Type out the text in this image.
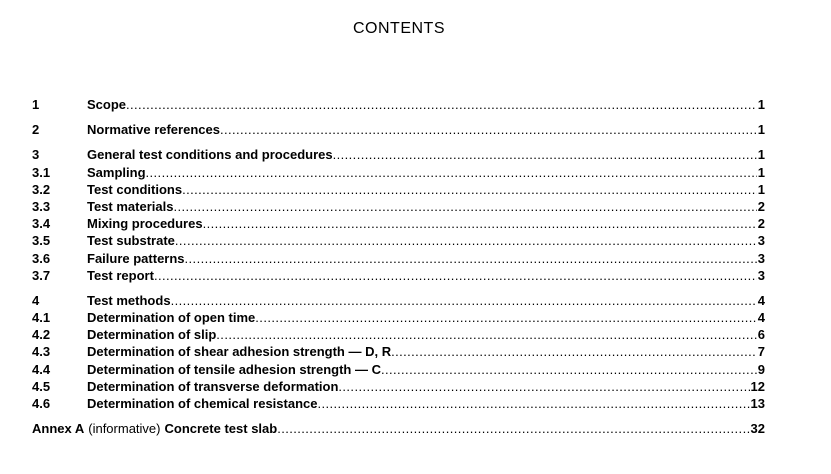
CONTENTS
1	Scope .....	1
2	Normative references .....	1
3	General test conditions and procedures .....	1
3.1	Sampling .....	1
3.2	Test conditions .....	1
3.3	Test materials .....	2
3.4	Mixing procedures .....	2
3.5	Test substrate .....	3
3.6	Failure patterns .....	3
3.7	Test report .....	3
4	Test methods .....	4
4.1	Determination of open time .....	4
4.2	Determination of slip .....	6
4.3	Determination of shear adhesion strength — D, R .....	7
4.4	Determination of tensile adhesion strength — C .....	9
4.5	Determination of transverse deformation .....	12
4.6	Determination of chemical resistance .....	13
Annex A (informative) Concrete test slab .....	32
